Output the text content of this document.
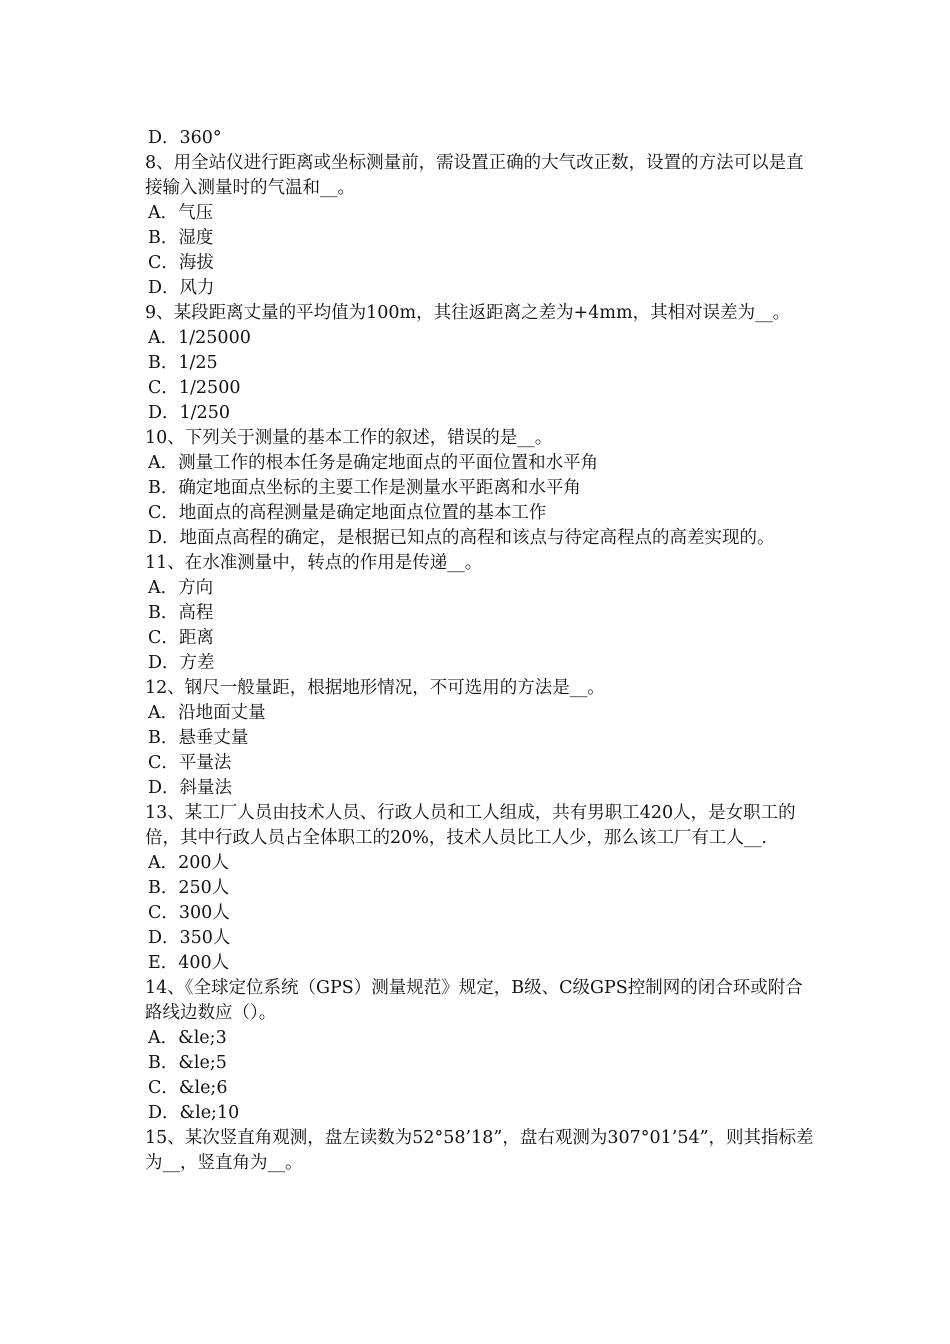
D．360°
8、用全站仪进行距离或坐标测量前，需设置正确的大气改正数，设置的方法可以是直接输入测量时的气温和__。
A．气压
B．湿度
C．海拔
D．风力
9、某段距离丈量的平均值为100m，其往返距离之差为+4mm，其相对误差为__。
A．1/25000
B．1/25
C．1/2500
D．1/250
10、下列关于测量的基本工作的叙述，错误的是__。
A．测量工作的根本任务是确定地面点的平面位置和水平角
B．确定地面点坐标的主要工作是测量水平距离和水平角
C．地面点的高程测量是确定地面点位置的基本工作
D．地面点高程的确定，是根据已知点的高程和该点与待定高程点的高差实现的。
11、在水准测量中，转点的作用是传递__。
A．方向
B．高程
C．距离
D．方差
12、钢尺一般量距，根据地形情况，不可选用的方法是__。
A．沿地面丈量
B．悬垂丈量
C．平量法
D．斜量法
13、某工厂人员由技术人员、行政人员和工人组成，共有男职工420人，是女职工的倍，其中行政人员占全体职工的20%，技术人员比工人少，那么该工厂有工人__.
A．200人
B．250人
C．300人
D．350人
E．400人
14、《全球定位系统（GPS）测量规范》规定，B级、C级GPS控制网的闭合环或附合路线边数应（）。
A．&le;3
B．&le;5
C．&le;6
D．&le;10
15、某次竖直角观测，盘左读数为52°58’18”，盘右观测为307°01’54”，则其指标差为__，竖直角为__。
